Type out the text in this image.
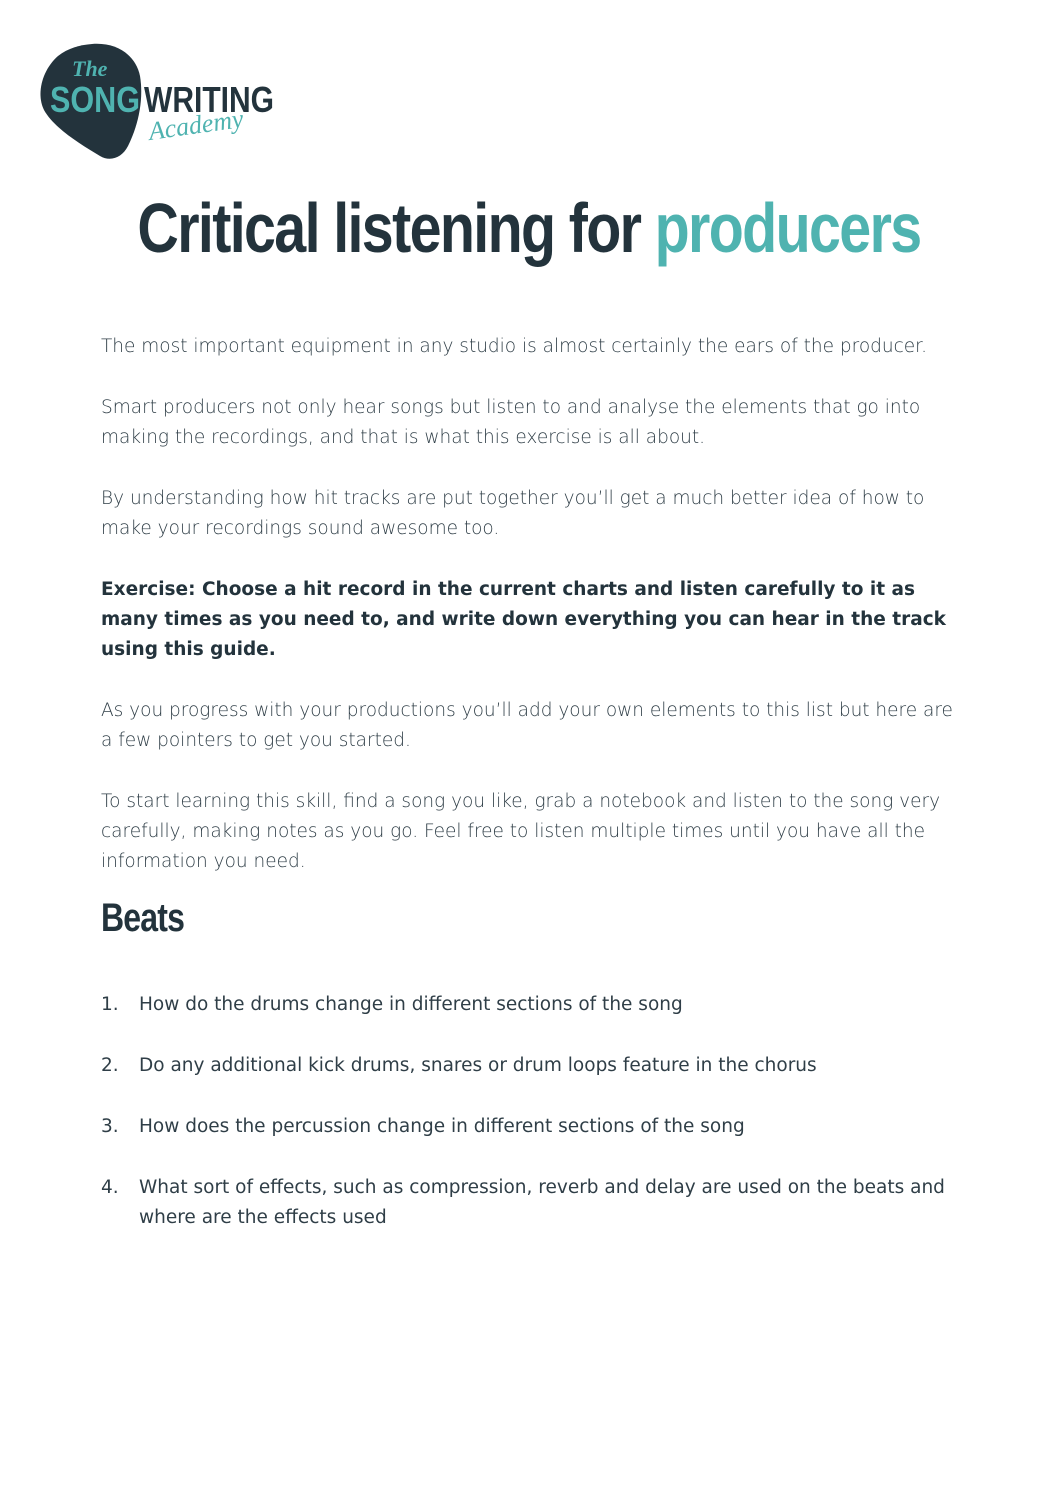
The
SONG WRITING
Academy
Critical listening for producers

The most important equipment in any studio is almost certainly the ears of the producer.

Smart producers not only hear songs but listen to and analyse the elements that go into making the recordings, and that is what this exercise is all about.

By understanding how hit tracks are put together you’ll get a much better idea of how to make your recordings sound awesome too.

Exercise: Choose a hit record in the current charts and listen carefully to it as many times as you need to, and write down everything you can hear in the track using this guide.

As you progress with your productions you’ll add your own elements to this list but here are a few pointers to get you started.

To start learning this skill, find a song you like, grab a notebook and listen to the song very carefully, making notes as you go. Feel free to listen multiple times until you have all the information you need.

Beats
1.	How do the drums change in different sections of the song
2.	Do any additional kick drums, snares or drum loops feature in the chorus
3.	How does the percussion change in different sections of the song
4.	What sort of effects, such as compression, reverb and delay are used on the beats and where are the effects used
